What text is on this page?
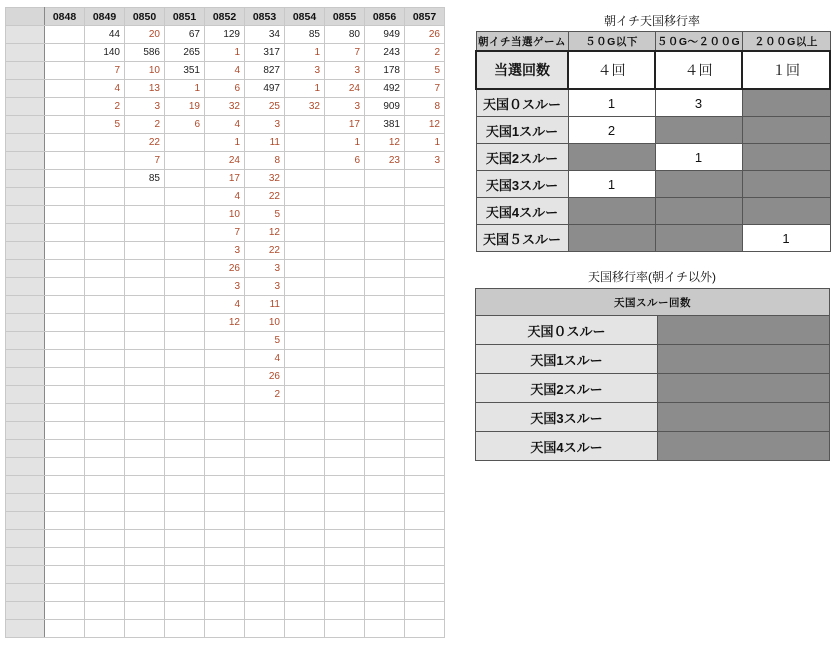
	0848	0849	0850	0851	0852	0853	0854	0855	0856	0857
		44	20	67	129	34	85	80	949	26
		140	586	265	1	317	1	7	243	2
		7	10	351	4	827	3	3	178	5
		4	13	1	6	497	1	24	492	7
		2	3	19	32	25	32	3	909	8
		5	2	6	4	3		17	381	12
			22		1	11		1	12	1
			7		24	8		6	23	3
			85		17	32				
					4	22				
					10	5				
					7	12				
					3	22				
					26	3				
					3	3				
					4	11				
					12	10				
						5				
						4				
						26				
						2				

朝イチ天国移行率
朝イチ当選ゲーム	５０G以下	５０G〜２００G	２００G以上
当選回数	４回	４回	１回
天国０スルー	1	3	
天国1スルー	2		
天国2スルー		1	
天国3スルー	1		
天国4スルー			
天国５スルー			1
天国移行率(朝イチ以外)
天国スルー回数	
天国０スルー	
天国1スルー	
天国2スルー	
天国3スルー	
天国4スルー	
